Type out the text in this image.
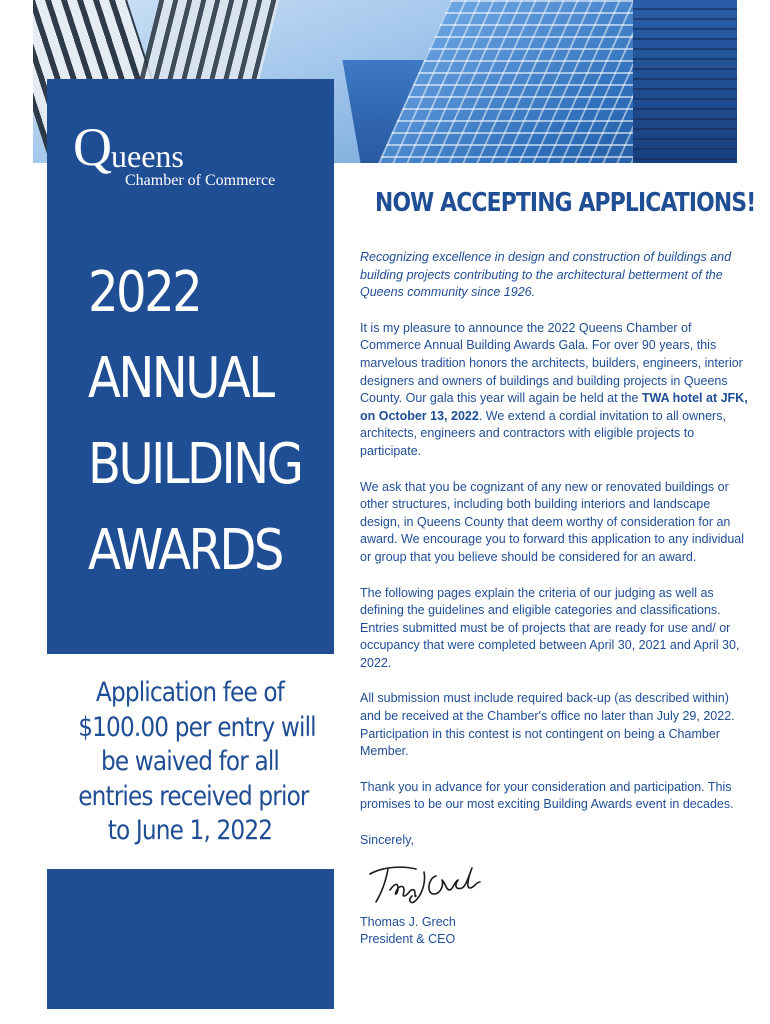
Q ueens
Chamber of Commerce
2022
ANNUAL
BUILDING
AWARDS
Application fee of
$100.00 per entry will
be waived for all
entries received prior
to June 1, 2022
NOW ACCEPTING APPLICATIONS!

Recognizing excellence in design and construction of buildings and building projects contributing to the architectural betterment of the Queens community since 1926.

It is my pleasure to announce the 2022 Queens Chamber of Commerce Annual Building Awards Gala. For over 90 years, this marvelous tradition honors the architects, builders, engineers, interior designers and owners of buildings and building projects in Queens County. Our gala this year will again be held at the TWA hotel at JFK, on October 13, 2022. We extend a cordial invitation to all owners, architects, engineers and contractors with eligible projects to participate.

We ask that you be cognizant of any new or renovated buildings or other structures, including both building interiors and landscape design, in Queens County that deem worthy of consideration for an award. We encourage you to forward this application to any individual or group that you believe should be considered for an award.

The following pages explain the criteria of our judging as well as defining the guidelines and eligible categories and classifications. Entries submitted must be of projects that are ready for use and/ or occupancy that were completed between April 30, 2021 and April 30, 2022.

All submission must include required back-up (as described within) and be received at the Chamber's office no later than July 29, 2022. Participation in this contest is not contingent on being a Chamber Member.

Thank you in advance for your consideration and participation. This promises to be our most exciting Building Awards event in decades.

Sincerely,

Thomas J. Grech
President & CEO
